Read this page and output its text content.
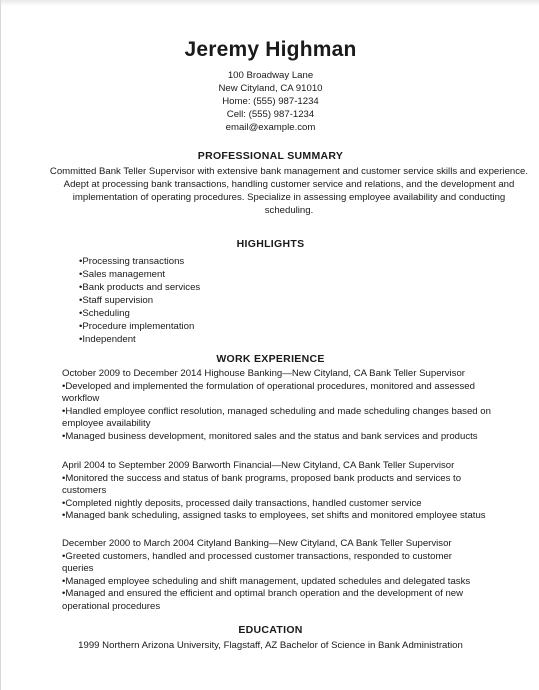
Jeremy Highman
100 Broadway Lane
New Cityland, CA 91010
Home: (555) 987-1234
Cell: (555) 987-1234
email@example.com
PROFESSIONAL SUMMARY
Committed Bank Teller Supervisor with extensive bank management and customer service skills and experience. Adept at processing bank transactions, handling customer service and relations, and the development and implementation of operating procedures. Specialize in assessing employee availability and conducting scheduling.
HIGHLIGHTS
•Processing transactions
•Sales management
•Bank products and services
•Staff supervision
•Scheduling
•Procedure implementation
•Independent
WORK EXPERIENCE
October 2009 to December 2014 Highouse Banking—New Cityland, CA Bank Teller Supervisor
•Developed and implemented the formulation of operational procedures, monitored and assessed
workflow
•Handled employee conflict resolution, managed scheduling and made scheduling changes based on
employee availability
•Managed business development, monitored sales and the status and bank services and products
April 2004 to September 2009 Barworth Financial—New Cityland, CA Bank Teller Supervisor
•Monitored the success and status of bank programs, proposed bank products and services to
customers
•Completed nightly deposits, processed daily transactions, handled customer service
•Managed bank scheduling, assigned tasks to employees, set shifts and monitored employee status
December 2000 to March 2004 Cityland Banking—New Cityland, CA Bank Teller Supervisor
•Greeted customers, handled and processed customer transactions, responded to customer
queries
•Managed employee scheduling and shift management, updated schedules and delegated tasks
•Managed and ensured the efficient and optimal branch operation and the development of new
operational procedures
EDUCATION
1999 Northern Arizona University, Flagstaff, AZ Bachelor of Science in Bank Administration
